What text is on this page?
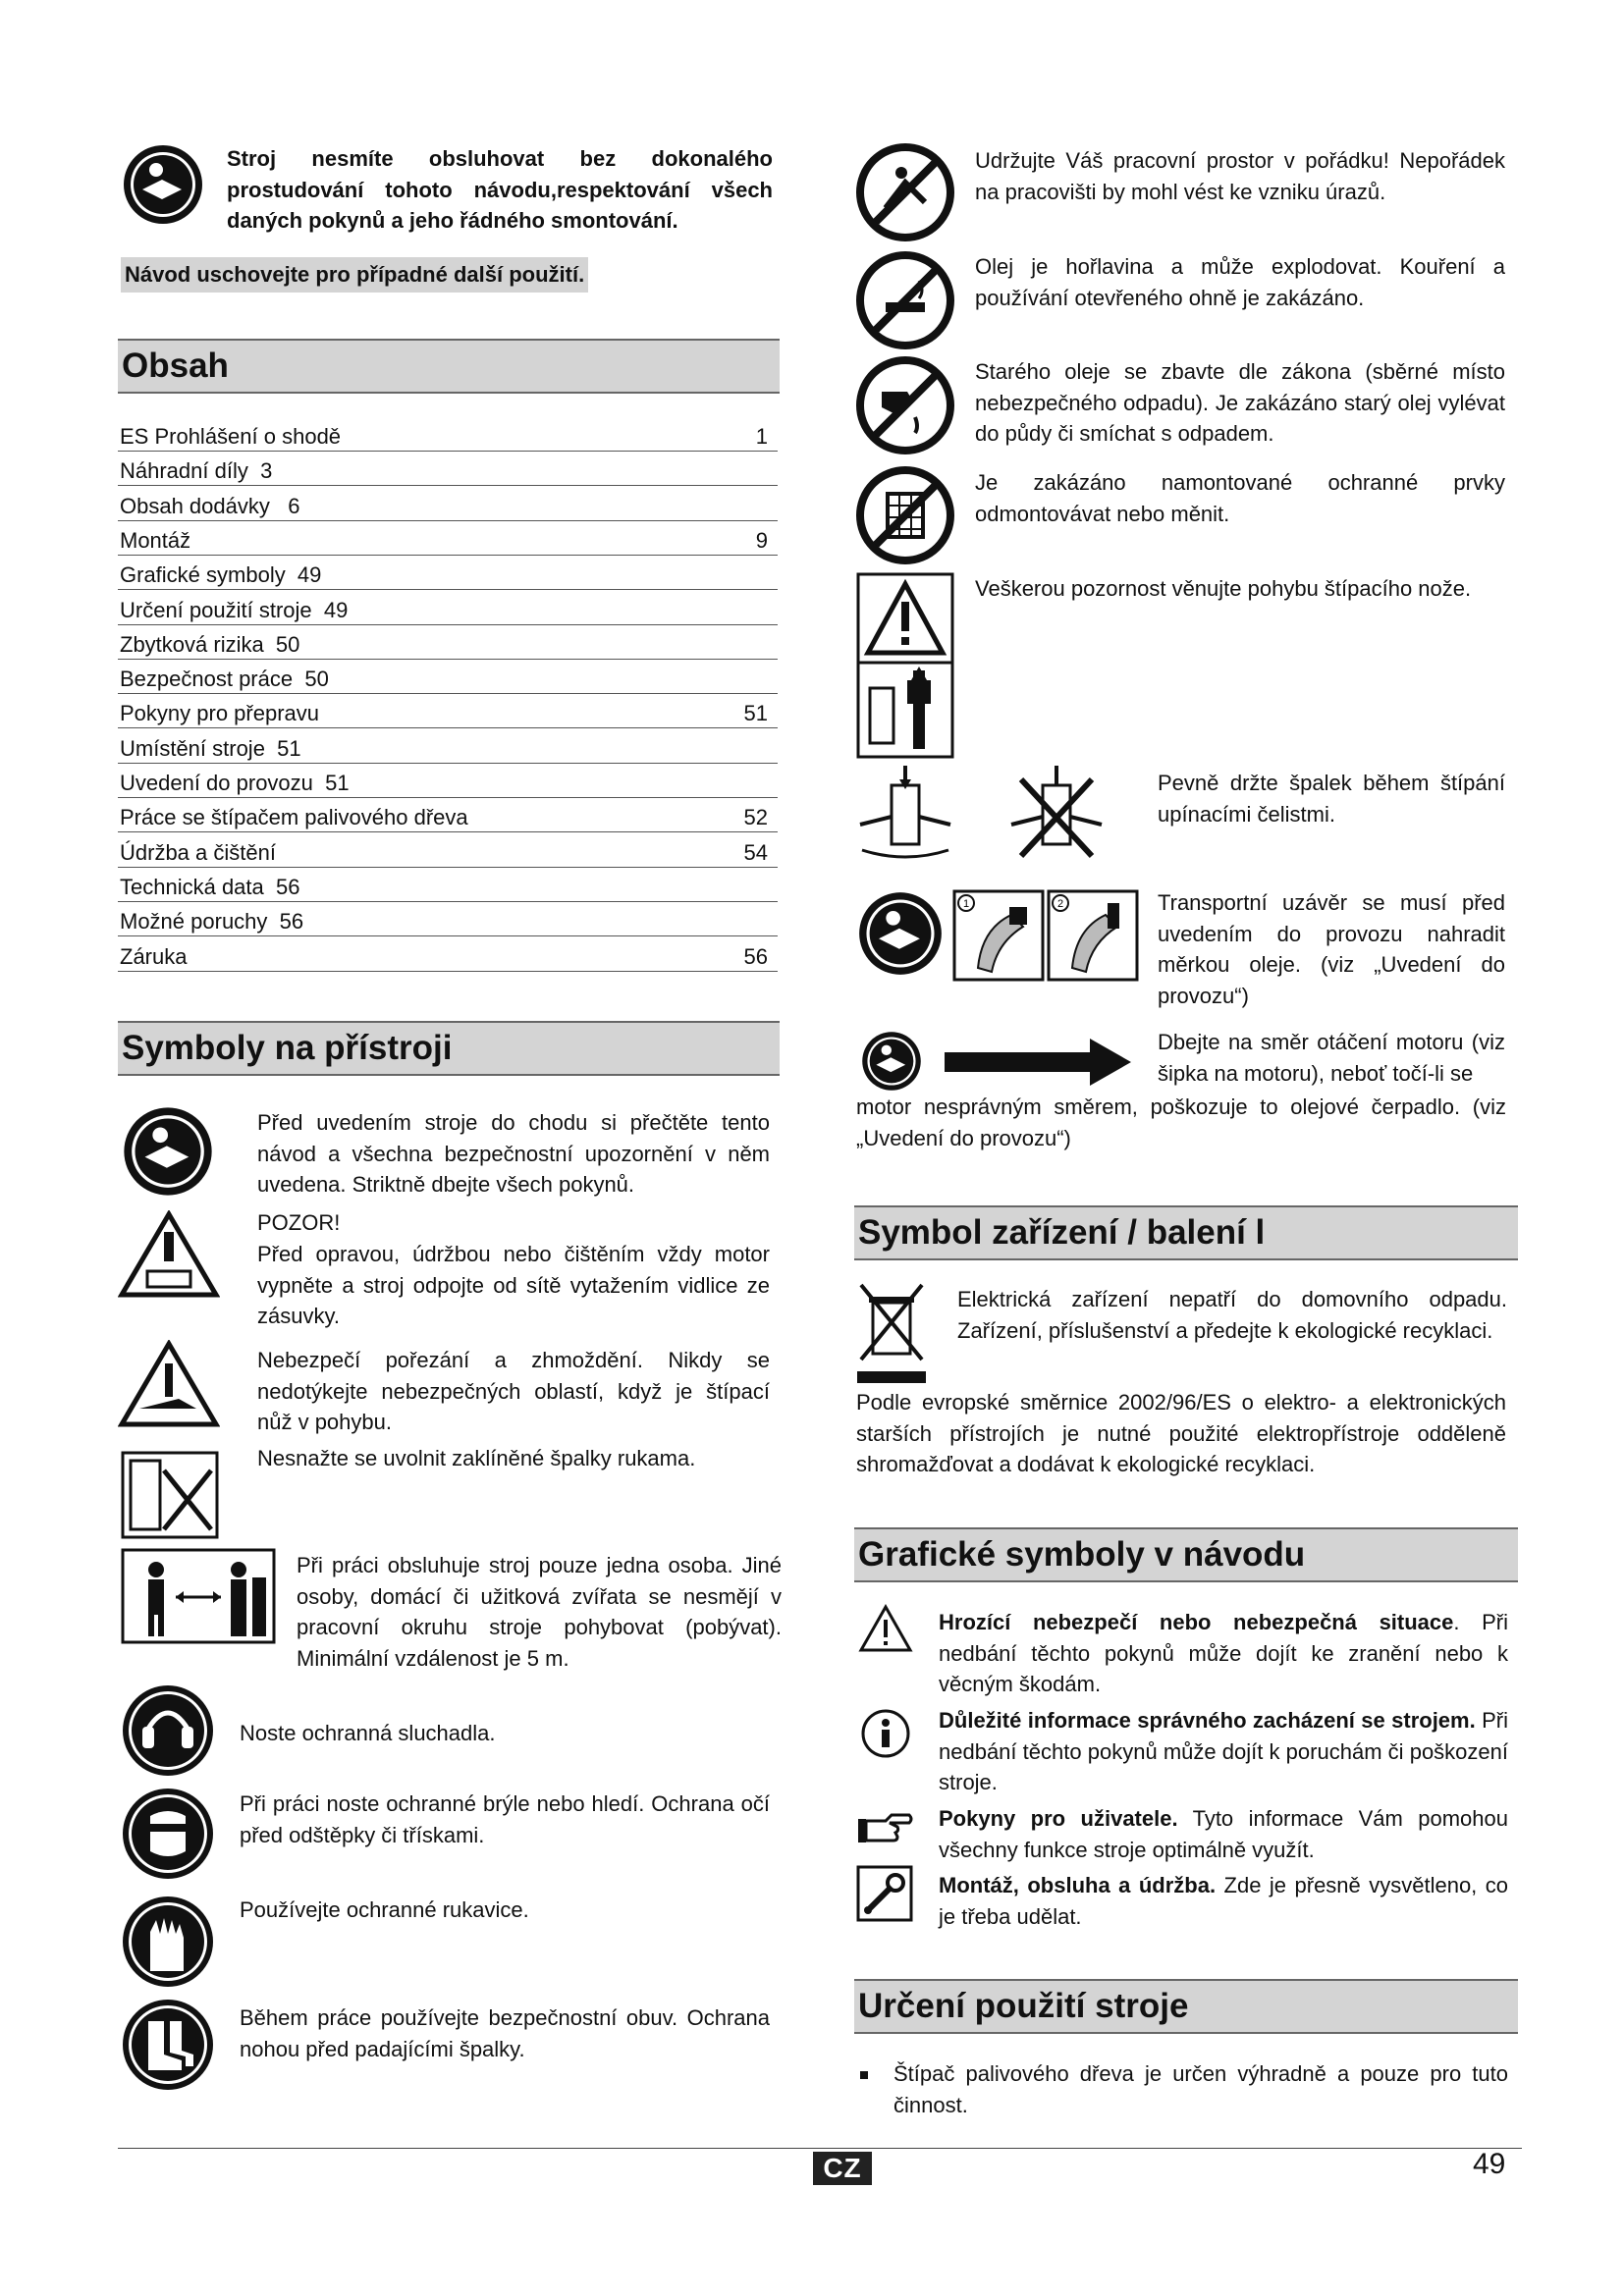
Stroj nesmíte obsluhovat bez dokonalého prostudování tohoto návodu,respektování všech daných pokynů a jeho řádného smontování.
Návod uschovejte pro případné další použití.
Obsah
ES Prohlášení o shodě	1
Náhradní díly  3
Obsah dodávky   6
Montáž	9
Grafické symboly  49
Určení použití stroje  49
Zbytková rizika  50
Bezpečnost práce  50
Pokyny pro přepravu	51
Umístění stroje  51
Uvedení do provozu  51
Práce se štípačem palivového dřeva	52
Údržba a čištění	54
Technická data  56
Možné poruchy  56
Záruka	56
Symboly na přístroji
Před uvedením stroje do chodu si přečtěte tento návod a všechna bezpečnostní upozornění v něm uvedena. Striktně dbejte všech pokynů.
POZOR!
Před opravou, údržbou nebo čištěním vždy motor vypněte a stroj odpojte od sítě vytažením vidlice ze zásuvky.
Nebezpečí pořezání a zhmoždění. Nikdy se nedotýkejte nebezpečných oblastí, když je štípací nůž v pohybu.
Nesnažte se uvolnit zaklíněné špalky rukama.
Při práci obsluhuje stroj pouze jedna osoba. Jiné osoby, domácí či užitková zvířata se nesmějí v pracovní okruhu stroje pohybovat (pobývat). Minimální vzdálenost je 5 m.
Noste ochranná sluchadla.
Při práci noste ochranné brýle nebo hledí. Ochrana očí před odštěpky či třískami.
Používejte ochranné rukavice.
Během práce používejte bezpečnostní obuv. Ochrana nohou před padajícími špalky.
Udržujte Váš pracovní prostor v pořádku! Nepořádek na pracovišti by mohl vést ke vzniku úrazů.
Olej je hořlavina a může explodovat. Kouření a používání otevřeného ohně je zakázáno.
Starého oleje se zbavte dle zákona (sběrné místo nebezpečného odpadu). Je zakázáno starý olej vylévat do půdy či smíchat s odpadem.
Je zakázáno namontované ochranné prvky odmontovávat nebo měnit.
Veškerou pozornost věnujte pohybu štípacího nože.
Pevně držte špalek během štípání upínacími čelistmi.
1	2	Transportní uzávěr se musí před uvedením do provozu nahradit měrkou oleje. (viz „Uvedení do provozu“)
Dbejte na směr otáčení motoru (viz šipka na motoru), neboť točí-li se
motor nesprávným směrem, poškozuje to olejové čerpadlo. (viz „Uvedení do provozu“)
Symbol zařízení / balení l
Elektrická zařízení nepatří do domovního odpadu. Zařízení, příslušenství a předejte k ekologické recyklaci.
Podle evropské směrnice 2002/96/ES o elektro- a elektronických starších přístrojích je nutné použité elektropřístroje odděleně shromažďovat a dodávat k ekologické recyklaci.
Grafické symboly v návodu
Hrozící nebezpečí nebo nebezpečná situace. Při nedbání těchto pokynů může dojít ke zranění nebo k věcným škodám.
Důležité informace správného zacházení se strojem. Při nedbání těchto pokynů může dojít k poruchám či poškození stroje.
Pokyny pro uživatele. Tyto informace Vám pomohou všechny funkce stroje optimálně využít.
Montáž, obsluha a údržba. Zde je přesně vysvětleno, co je třeba udělat.
Určení použití stroje
Štípač palivového dřeva je určen výhradně a pouze pro tuto činnost.
CZ	49
